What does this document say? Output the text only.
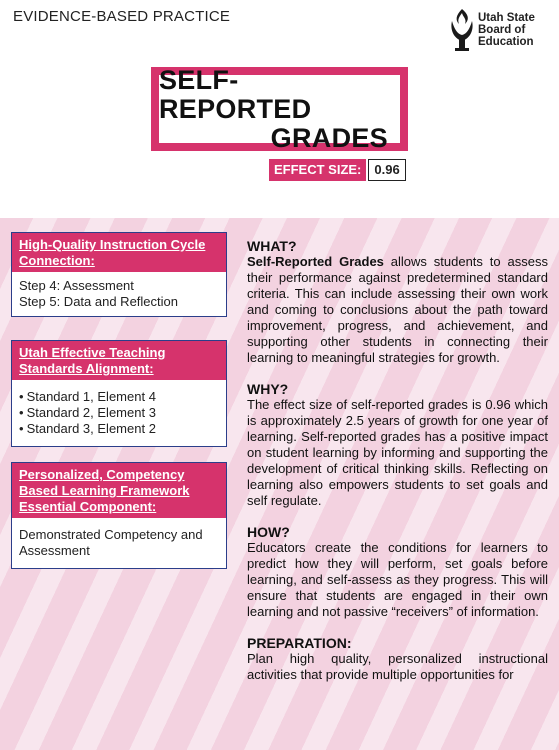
EVIDENCE-BASED PRACTICE	Utah State
Board of
Education
SELF-REPORTED
GRADES
EFFECT SIZE:	0.96
High-Quality Instruction Cycle Connection:
Step 4: Assessment
Step 5: Data and Reflection
Utah Effective Teaching Standards Alignment:
• Standard 1, Element 4
• Standard 2, Element 3
• Standard 3, Element 2
Personalized, Competency Based Learning Framework Essential Component:
Demonstrated Competency and Assessment
WHAT?

Self-Reported Grades allows students to assess their performance against predetermined standard criteria. This can include assessing their own work and coming to conclusions about the path toward improvement, progress, and achievement, and supporting other students in connecting their learning to meaningful strategies for growth.

WHY?

The effect size of self-reported grades is 0.96 which is approximately 2.5 years of growth for one year of learning. Self-reported grades has a positive impact on student learning by informing and supporting the development of critical thinking skills. Reflecting on learning also empowers students to set goals and self regulate.

HOW?

Educators create the conditions for learners to predict how they will perform, set goals before learning, and self-assess as they progress. This will ensure that students are engaged in their own learning and not passive “receivers” of information.

PREPARATION:

Plan high quality, personalized instructional activities that provide multiple opportunities for
